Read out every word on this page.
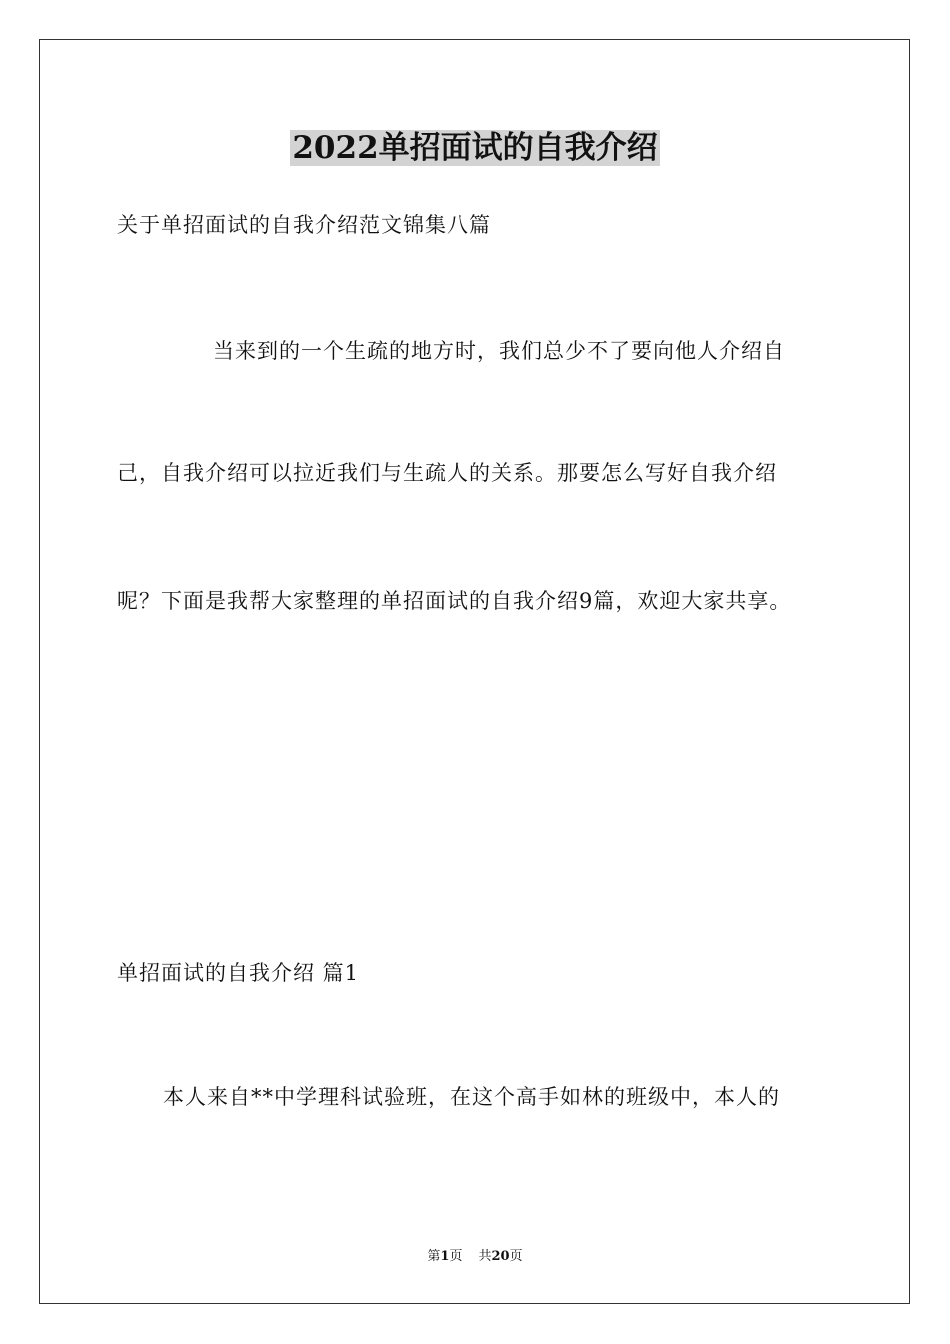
2022单招面试的自我介绍
关于单招面试的自我介绍范文锦集八篇
当来到的一个生疏的地方时，我们总少不了要向他人介绍自
己，自我介绍可以拉近我们与生疏人的关系。那要怎么写好自我介绍
呢？下面是我帮大家整理的单招面试的自我介绍9篇，欢迎大家共享。
单招面试的自我介绍 篇1
本人来自**中学理科试验班，在这个高手如林的班级中，本人的
第1页 共20页
